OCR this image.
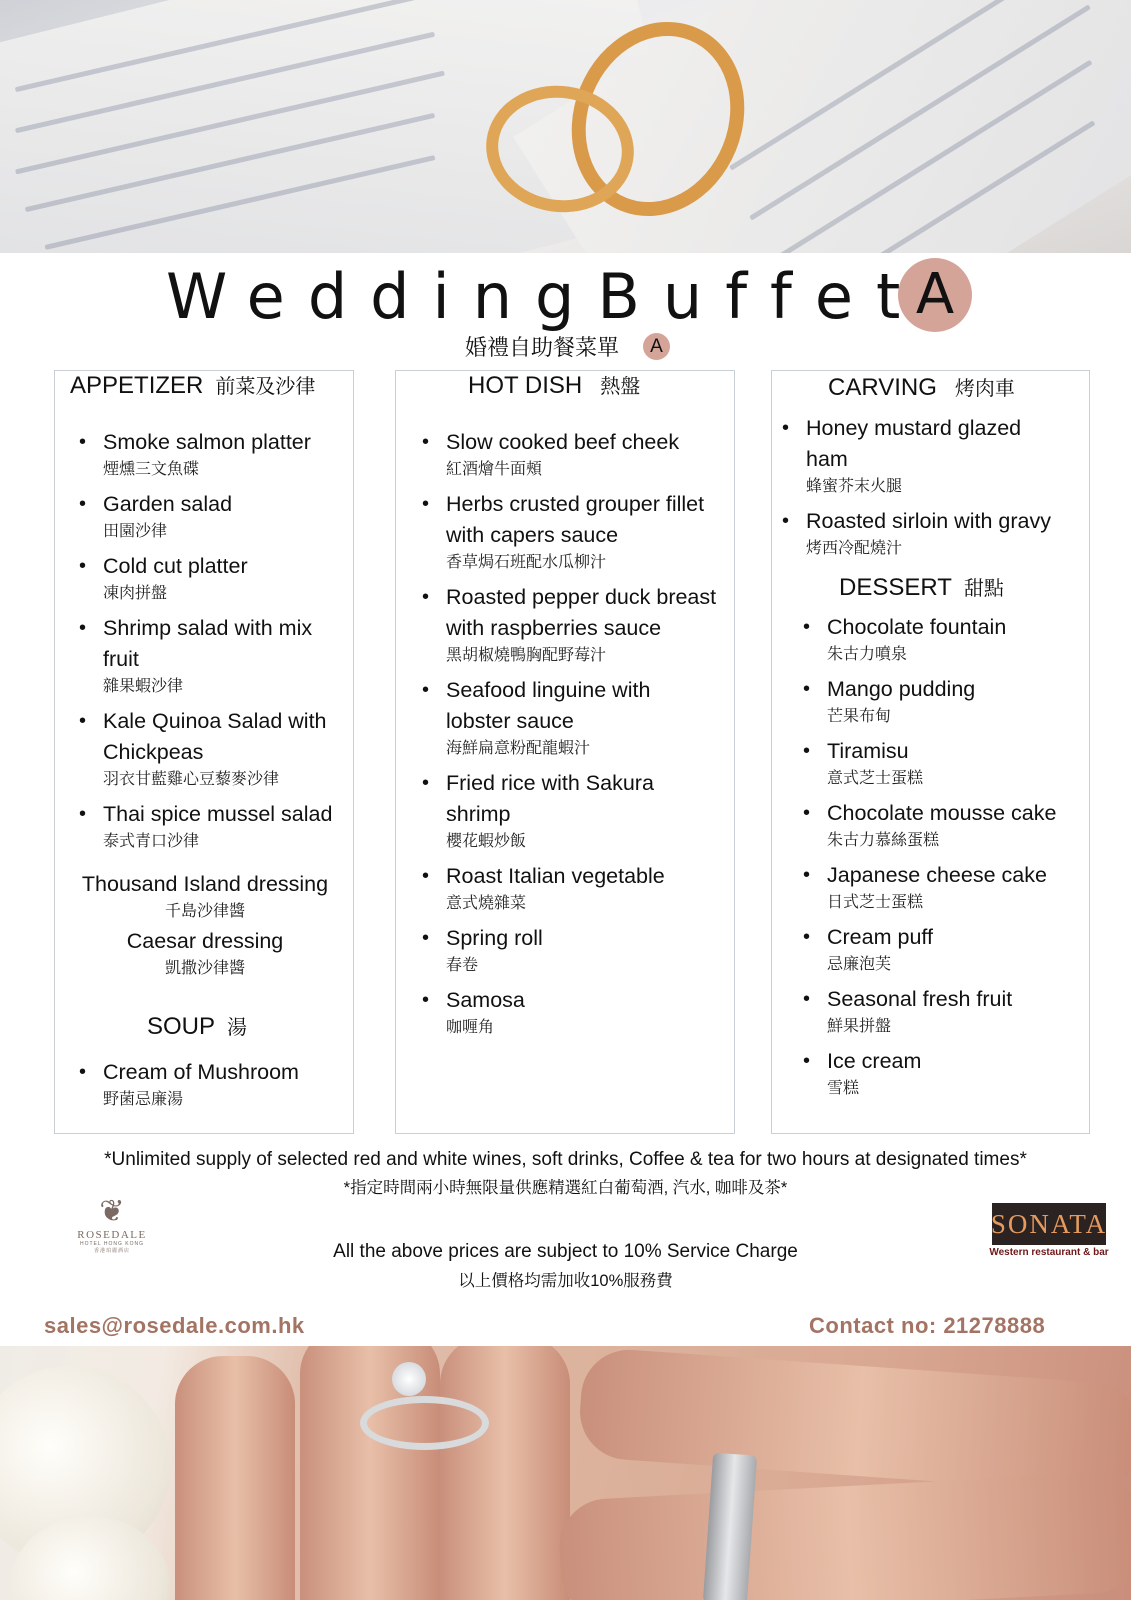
A
WeddingBuffet
婚禮自助餐菜單	A
APPETIZER 前菜及沙律
• Smoke salmon platter
煙燻三文魚碟
• Garden salad
田園沙律
• Cold cut platter
凍肉拼盤
• Shrimp salad with mix fruit
雜果蝦沙律
• Kale Quinoa Salad with Chickpeas
羽衣甘藍雞心豆藜麥沙律
• Thai spice mussel salad
泰式青口沙律
Thousand Island dressing
千島沙律醬
Caesar dressing
凱撒沙律醬
SOUP 湯
• Cream of Mushroom
野菌忌廉湯
HOT DISH 熱盤
• Slow cooked beef cheek
紅酒燴牛面頰
• Herbs crusted grouper fillet with capers sauce
香草焗石班配水瓜柳汁
• Roasted pepper duck breast with raspberries sauce
黑胡椒燒鴨胸配野莓汁
• Seafood linguine with lobster sauce
海鮮扁意粉配龍蝦汁
• Fried rice with Sakura shrimp
櫻花蝦炒飯
• Roast Italian vegetable
意式燒雜菜
• Spring roll
春卷
• Samosa
咖喱角
CARVING 烤肉車
• Honey mustard glazed ham
蜂蜜芥末火腿
• Roasted sirloin with gravy
烤西冷配燒汁
DESSERT 甜點
• Chocolate fountain
朱古力噴泉
• Mango pudding
芒果布甸
• Tiramisu
意式芝士蛋糕
• Chocolate mousse cake
朱古力慕絲蛋糕
• Japanese cheese cake
日式芝士蛋糕
• Cream puff
忌廉泡芙
• Seasonal fresh fruit
鮮果拼盤
• Ice cream
雪糕
*Unlimited supply of selected red and white wines, soft drinks, Coffee & tea for two hours at designated times*
*指定時間兩小時無限量供應精選紅白葡萄酒, 汽水, 咖啡及茶*
❦
ROSEDALE
HOTEL HONG KONG
香港珀麗酒店	All the above prices are subject to 10% Service Charge
以上價格均需加收10%服務費
SONATA
Western restaurant & bar
sales@rosedale.com.hk	Contact no: 21278888
